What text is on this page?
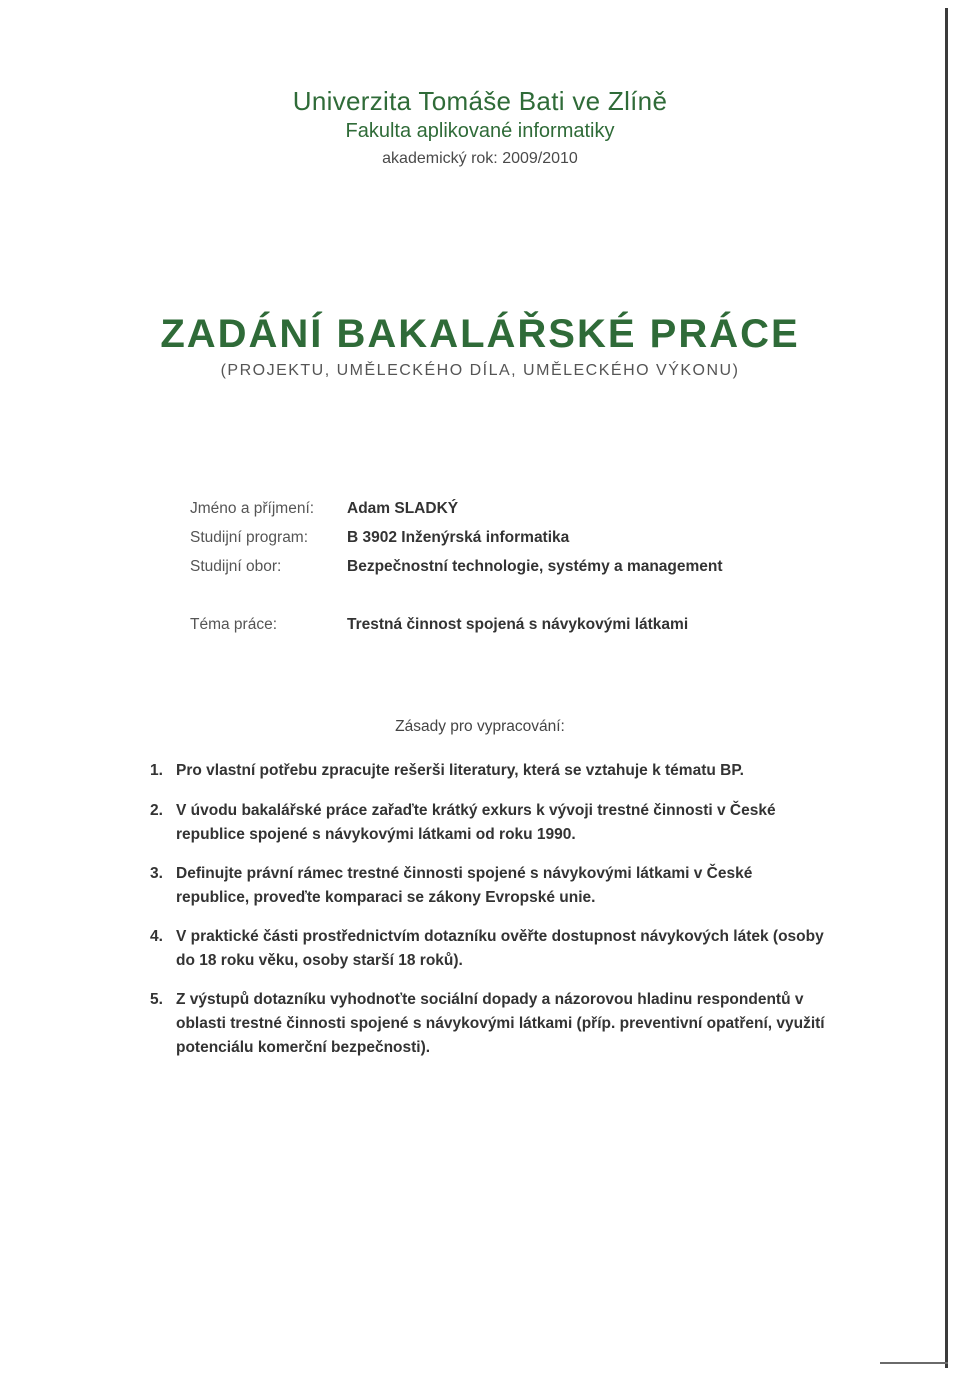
Univerzita Tomáše Bati ve Zlíně
Fakulta aplikované informatiky
akademický rok: 2009/2010
ZADÁNÍ BAKALÁŘSKÉ PRÁCE
(PROJEKTU, UMĚLECKÉHO DÍLA, UMĚLECKÉHO VÝKONU)
Jméno a příjmení: Adam SLADKÝ
Studijní program:	B 3902 Inženýrská informatika
Studijní obor:	Bezpečnostní technologie, systémy a management
Téma práce:	Trestná činnost spojená s návykovými látkami
Zásady pro vypracování:
1. Pro vlastní potřebu zpracujte rešerši literatury, která se vztahuje k tématu BP.
2. V úvodu bakalářské práce zařaďte krátký exkurs k vývoji trestné činnosti v České republice spojené s návykovými látkami od roku 1990.
3. Definujte právní rámec trestné činnosti spojené s návykovými látkami v České republice, proveďte komparaci se zákony Evropské unie.
4. V praktické části prostřednictvím dotazníku ověřte dostupnost návykových látek (osoby do 18 roku věku, osoby starší 18 roků).
5. Z výstupů dotazníku vyhodnoťte sociální dopady a názorovou hladinu respondentů v oblasti trestné činnosti spojené s návykovými látkami (příp. preventivní opatření, využití potenciálu komerční bezpečnosti).
